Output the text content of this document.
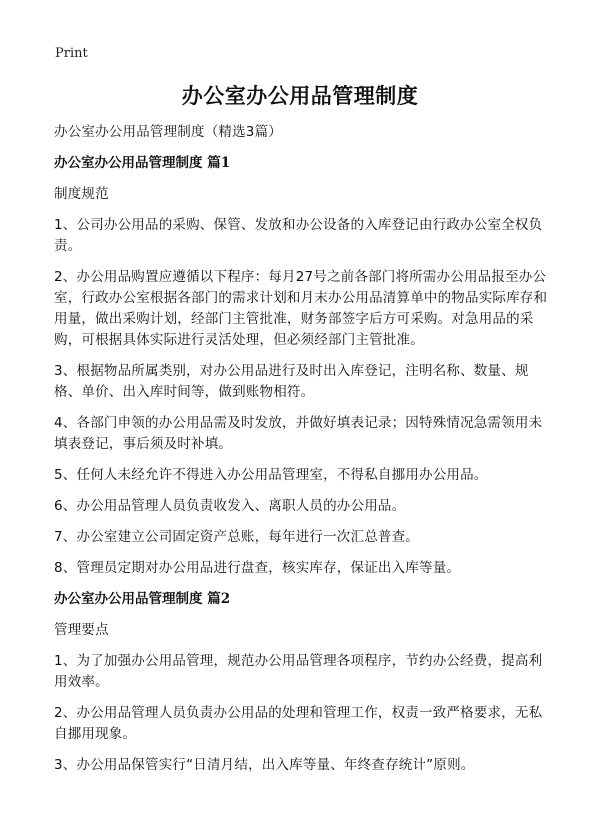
Print
办公室办公用品管理制度

办公室办公用品管理制度（精选3篇）

办公室办公用品管理制度 篇1

制度规范

1、公司办公用品的采购、保管、发放和办公设备的入库登记由行政办公室全权负责。

2、办公用品购置应遵循以下程序：每月27号之前各部门将所需办公用品报至办公室，行政办公室根据各部门的需求计划和月末办公用品清算单中的物品实际库存和用量，做出采购计划，经部门主管批准，财务部签字后方可采购。对急用品的采购，可根据具体实际进行灵活处理，但必须经部门主管批准。

3、根据物品所属类别，对办公用品进行及时出入库登记，注明名称、数量、规格、单价、出入库时间等，做到账物相符。

4、各部门申领的办公用品需及时发放，并做好填表记录；因特殊情况急需领用未填表登记，事后须及时补填。

5、任何人未经允许不得进入办公用品管理室，不得私自挪用办公用品。

6、办公用品管理人员负责收发入、离职人员的办公用品。

7、办公室建立公司固定资产总账，每年进行一次汇总普查。

8、管理员定期对办公用品进行盘查，核实库存，保证出入库等量。

办公室办公用品管理制度 篇2

管理要点

1、为了加强办公用品管理，规范办公用品管理各项程序，节约办公经费，提高利用效率。

2、办公用品管理人员负责办公用品的处理和管理工作，权责一致严格要求，无私自挪用现象。

3、办公用品保管实行“日清月结，出入库等量、年终查存统计”原则。
